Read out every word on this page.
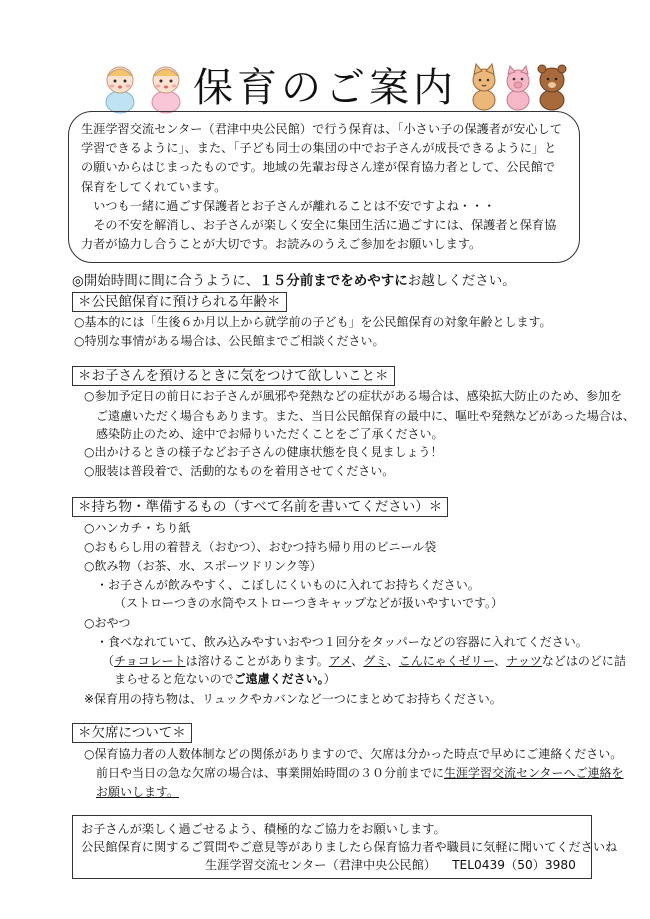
保育のご案内

生涯学習交流センター（君津中央公民館）で行う保育は、「小さい子の保護者が安心して学習できるように」、また、「子ども同士の集団の中でお子さんが成長できるように」との願いからはじまったものです。地域の先輩お母さん達が保育協力者として、公民館で保育をしてくれています。

いつも一緒に過ごす保護者とお子さんが離れることは不安ですよね・・・

その不安を解消し、お子さんが楽しく安全に集団生活に過ごすには、保護者と保育協力者が協力し合うことが大切です。お読みのうえご参加をお願いします。

◎開始時間に間に合うように、１５分前までをめやすにお越しください。
＊公民館保育に預けられる年齢＊
○基本的には「生後６か月以上から就学前の子ども」を公民館保育の対象年齢とします。
○特別な事情がある場合は、公民館までご相談ください。
＊お子さんを預けるときに気をつけて欲しいこと＊
○参加予定日の前日にお子さんが風邪や発熱などの症状がある場合は、感染拡大防止のため、参加を
ご遠慮いただく場合もあります。また、当日公民館保育の最中に、嘔吐や発熱などがあった場合は、
感染防止のため、途中でお帰りいただくことをご了承ください。
○出かけるときの様子などお子さんの健康状態を良く見ましょう！
○服装は普段着で、活動的なものを着用させてください。
＊持ち物・準備するもの（すべて名前を書いてください）＊
○ハンカチ・ちり紙
○おもらし用の着替え（おむつ）、おむつ持ち帰り用のビニール袋
○飲み物（お茶、水、スポーツドリンク等）
・お子さんが飲みやすく、こぼしにくいものに入れてお持ちください。
（ストローつきの水筒やストローつきキャップなどが扱いやすいです。）
○おやつ
・食べなれていて、飲み込みやすいおやつ１回分をタッパーなどの容器に入れてください。
（チョコレートは溶けることがあります。アメ、グミ、こんにゃくゼリー、ナッツなどはのどに詰
まらせると危ないのでご遠慮ください。）
※保育用の持ち物は、リュックやカバンなど一つにまとめてお持ちください。
＊欠席について＊
○保育協力者の人数体制などの関係がありますので、欠席は分かった時点で早めにご連絡ください。
前日や当日の急な欠席の場合は、事業開始時間の３０分前までに生涯学習交流センターへご連絡を
お願いします。
お子さんが楽しく過ごせるよう、積極的なご協力をお願いします。
公民館保育に関するご質問やご意見等がありましたら保育協力者や職員に気軽に聞いてくださいね
生涯学習交流センター（君津中央公民館） TEL0439（50）3980
